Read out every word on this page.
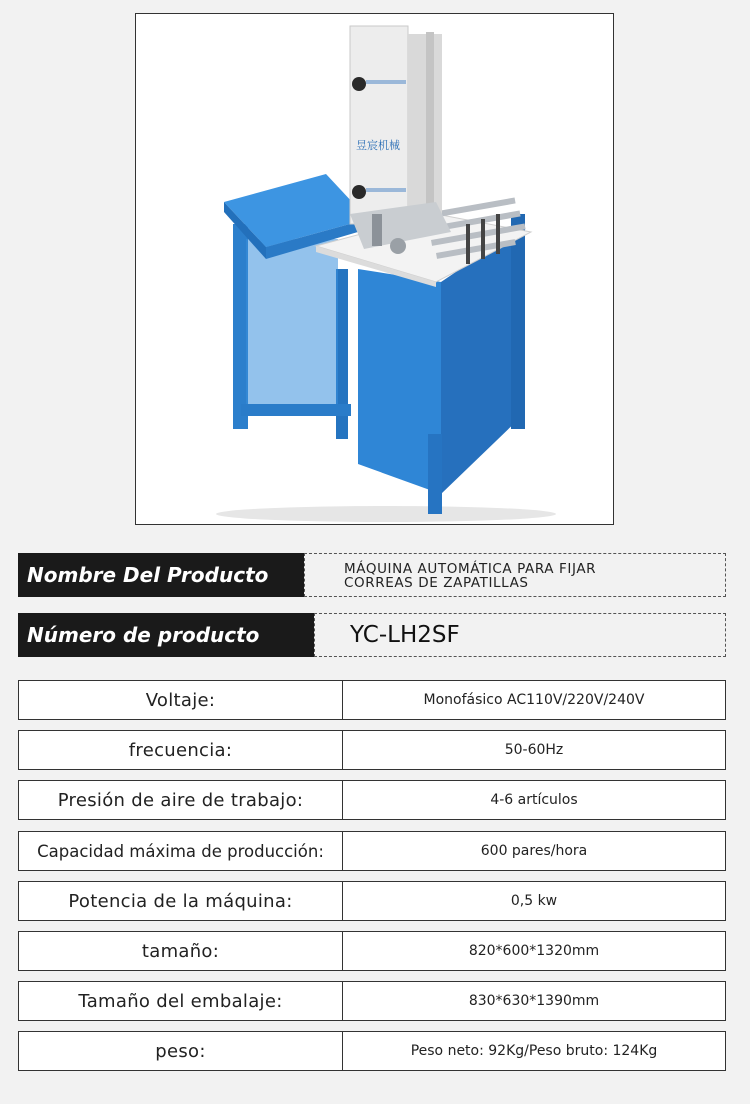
昱宸机械
Nombre Del Producto	MÁQUINA AUTOMÁTICA PARA FIJAR
CORREAS DE ZAPATILLAS
Número de producto	YC-LH2SF
Voltaje:	Monofásico AC110V/220V/240V
frecuencia:	50-60Hz
Presión de aire de trabajo:	4-6 artículos
Capacidad máxima de producción:	600 pares/hora
Potencia de la máquina:	0,5 kw
tamaño:	820*600*1320mm
Tamaño del embalaje:	830*630*1390mm
peso:	Peso neto: 92Kg/Peso bruto: 124Kg
